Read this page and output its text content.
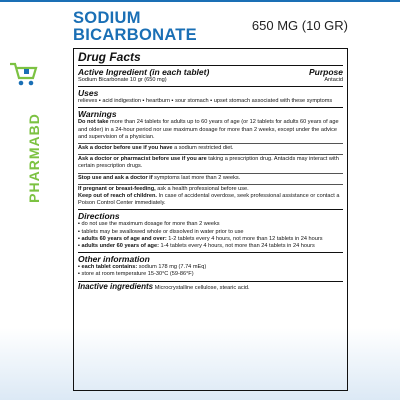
SODIUM
BICARBONATE
650 MG (10 GR)
PHARMABD
Drug Facts
Active Ingredient (in each tablet)	Purpose
Sodium Bicarbonate 10 gr (650 mg)	Antacid
Uses
relieves ▪ acid indigestion ▪ heartburn ▪ sour stomach ▪ upset stomach associated with these symptoms
Warnings

Do not take more than 24 tablets for adults up to 60 years of age (or 12 tablets for adults 60 years of age and older) in a 24-hour period nor use maximum dosage for more than 2 weeks, except under the advice and supervision of a physician.

Ask a doctor before use if you have a sodium restricted diet.
Ask a doctor or pharmacist before use if you are taking a prescription drug. Antacids may interact with certain prescription drugs.
Stop use and ask a doctor if symptoms last more than 2 weeks.
If pregnant or breast-feeding, ask a health professional before use.
Keep out of reach of children. In case of accidental overdose, seek professional assistance or contact a Poison Control Center immediately.
Directions
▪ do not use the maximum dosage for more than 2 weeks
▪ tablets may be swallowed whole or dissolved in water prior to use
▪ adults 60 years of age and over: 1-2 tablets every 4 hours, not more than 12 tablets in 24 hours
▪ adults under 60 years of age: 1-4 tablets every 4 hours, not more than 24 tablets in 24 hours
Other information
▪ each tablet contains: sodium 178 mg (7.74 mEq)
▪ store at room temperature 15-30°C (59-86°F)
Inactive ingredients Microcrystalline cellulose, stearic acid.
